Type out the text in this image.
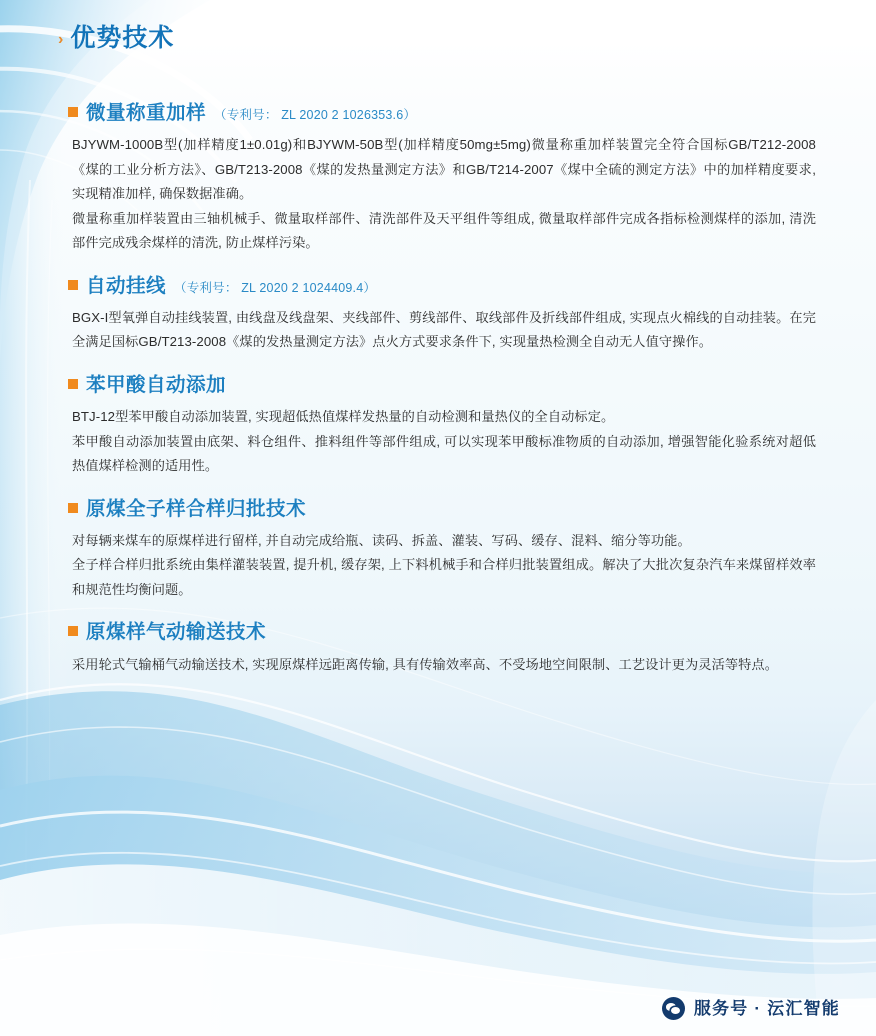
› 优势技术
微量称重加样 （专利号： ZL 2020 2 1026353.6）

BJYWM-1000B型(加样精度1±0.01g)和BJYWM-50B型(加样精度50mg±5mg)微量称重加样装置完全符合国标GB/T212-2008《煤的工业分析方法》、GB/T213-2008《煤的发热量测定方法》和GB/T214-2007《煤中全硫的测定方法》中的加样精度要求, 实现精准加样, 确保数据准确。

微量称重加样装置由三轴机械手、微量取样部件、清洗部件及天平组件等组成, 微量取样部件完成各指标检测煤样的添加, 清洗部件完成残余煤样的清洗, 防止煤样污染。

自动挂线 （专利号： ZL 2020 2 1024409.4）

BGX-I型氧弹自动挂线装置, 由线盘及线盘架、夹线部件、剪线部件、取线部件及折线部件组成, 实现点火棉线的自动挂装。在完全满足国标GB/T213-2008《煤的发热量测定方法》点火方式要求条件下, 实现量热检测全自动无人值守操作。

苯甲酸自动添加

BTJ-12型苯甲酸自动添加装置, 实现超低热值煤样发热量的自动检测和量热仪的全自动标定。

苯甲酸自动添加装置由底架、料仓组件、推料组件等部件组成, 可以实现苯甲酸标准物质的自动添加, 增强智能化验系统对超低热值煤样检测的适用性。

原煤全子样合样归批技术

对每辆来煤车的原煤样进行留样, 并自动完成给瓶、读码、拆盖、灌装、写码、缓存、混料、缩分等功能。

全子样合样归批系统由集样灌装装置, 提升机, 缓存架, 上下料机械手和合样归批装置组成。解决了大批次复杂汽车来煤留样效率和规范性均衡问题。

原煤样气动输送技术

采用轮式气输桶气动输送技术, 实现原煤样远距离传输, 具有传输效率高、不受场地空间限制、工艺设计更为灵活等特点。

服务号 · 沄汇智能
